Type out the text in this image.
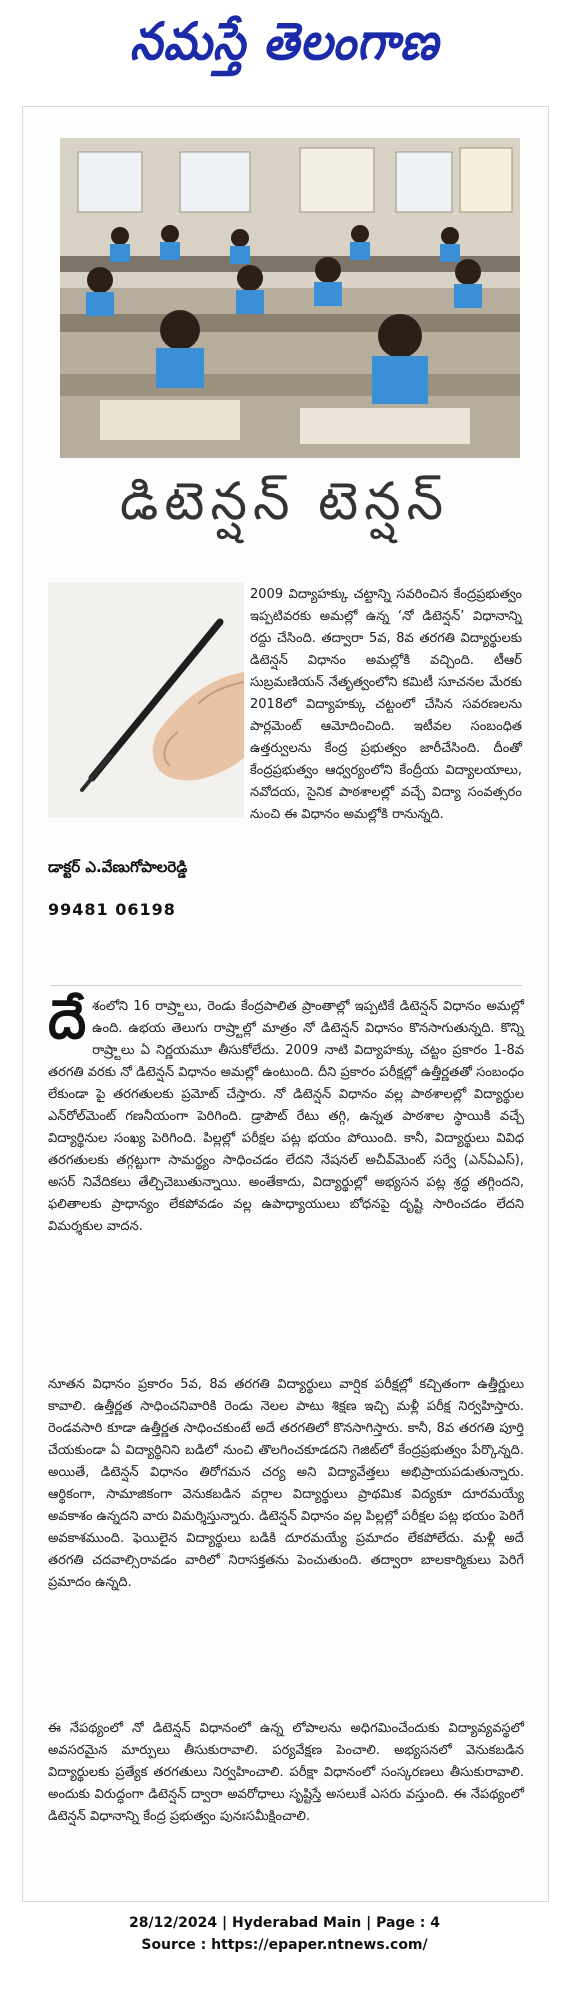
నమస్తే తెలంగాణ
డిటెన్షన్ టెన్షన్
డాక్టర్ ఎ.వేణుగోపాలరెడ్డి
99481 06198

2009 విద్యాహక్కు చట్టాన్ని సవరించిన కేంద్రప్రభుత్వం ఇప్పటివరకు అమల్లో ఉన్న ‘నో డిటెన్షన్’ విధానాన్ని రద్దు చేసింది. తద్వారా 5వ, 8వ తరగతి విద్యార్థులకు డిటెన్షన్ విధానం అమల్లోకి వచ్చింది. టీఆర్ సుబ్రమణియన్ నేతృత్వంలోని కమిటీ సూచనల మేరకు 2018లో విద్యాహక్కు చట్టంలో చేసిన సవరణలను పార్లమెంట్ ఆమోదించింది. ఇటీవల సంబంధిత ఉత్తర్వులను కేంద్ర ప్రభుత్వం జారీచేసింది. దీంతో కేంద్రప్రభుత్వం ఆధ్వర్యంలోని కేంద్రీయ విద్యాలయాలు, నవోదయ, సైనిక పాఠశాలల్లో వచ్చే విద్యా సంవత్సరం నుంచి ఈ విధానం అమల్లోకి రానున్నది.

దేశంలోని 16 రాష్ర్టాలు, రెండు కేంద్రపాలిత ప్రాంతాల్లో ఇప్పటికే డిటెన్షన్ విధానం అమల్లో ఉంది. ఉభయ తెలుగు రాష్ర్టాల్లో మాత్రం నో డిటెన్షన్ విధానం కొనసాగుతున్నది. కొన్ని రాష్ర్టాలు ఏ నిర్ణయమూ తీసుకోలేదు. 2009 నాటి విద్యాహక్కు చట్టం ప్రకారం 1-8వ తరగతి వరకు నో డిటెన్షన్ విధానం అమల్లో ఉంటుంది. దీని ప్రకారం పరీక్షల్లో ఉత్తీర్ణతతో సంబంధం లేకుండా పై తరగతులకు ప్రమోట్ చేస్తారు. నో డిటెన్షన్ విధానం వల్ల పాఠశాలల్లో విద్యార్థుల ఎన్‌రోల్‌మెంట్ గణనీయంగా పెరిగింది. డ్రాపౌట్ రేటు తగ్గి, ఉన్నత పాఠశాల స్థాయికి వచ్చే విద్యార్థినుల సంఖ్య పెరిగింది. పిల్లల్లో పరీక్షల పట్ల భయం పోయింది. కానీ, విద్యార్థులు వివిధ తరగతులకు తగ్గట్టుగా సామర్థ్యం సాధించడం లేదని నేషనల్ అచీవ్‌మెంట్ సర్వే (ఎన్ఏఎస్), అసర్ నివేదికలు తేల్చిచెబుతున్నాయి. అంతేకాదు, విద్యార్థుల్లో అభ్యసన పట్ల శ్రద్ధ తగ్గిందని, ఫలితాలకు ప్రాధాన్యం లేకపోవడం వల్ల ఉపాధ్యాయులు బోధనపై దృష్టి సారించడం లేదని విమర్శకుల వాదన.

నూతన విధానం ప్రకారం 5వ, 8వ తరగతి విద్యార్థులు వార్షిక పరీక్షల్లో కచ్చితంగా ఉత్తీర్ణులు కావాలి. ఉత్తీర్ణత సాధించనివారికి రెండు నెలల పాటు శిక్షణ ఇచ్చి మళ్లీ పరీక్ష నిర్వహిస్తారు. రెండవసారి కూడా ఉత్తీర్ణత సాధించకుంటే అదే తరగతిలో కొనసాగిస్తారు. కానీ, 8వ తరగతి పూర్తి చేయకుండా ఏ విద్యార్థినిని బడిలో నుంచి తొలగించకూడదని గెజిట్‌లో కేంద్రప్రభుత్వం పేర్కొన్నది. అయితే, డిటెన్షన్ విధానం తిరోగమన చర్య అని విద్యావేత్తలు అభిప్రాయపడుతున్నారు. ఆర్థికంగా, సామాజికంగా వెనుకబడిన వర్గాల విద్యార్థులు ప్రాథమిక విద్యకూ దూరమయ్యే అవకాశం ఉన్నదని వారు విమర్శిస్తున్నారు. డిటెన్షన్ విధానం వల్ల పిల్లల్లో పరీక్షల పట్ల భయం పెరిగే అవకాశముంది. ఫెయిలైన విద్యార్థులు బడికి దూరమయ్యే ప్రమాదం లేకపోలేదు. మళ్లీ అదే తరగతి చదవాల్సిరావడం వారిలో నిరాసక్తతను పెంచుతుంది. తద్వారా బాలకార్మికులు పెరిగే ప్రమాదం ఉన్నది.

ఈ నేపథ్యంలో నో డిటెన్షన్ విధానంలో ఉన్న లోపాలను అధిగమించేందుకు విద్యావ్యవస్థలో అవసరమైన మార్పులు తీసుకురావాలి. పర్యవేక్షణ పెంచాలి. అభ్యసనలో వెనుకబడిన విద్యార్థులకు ప్రత్యేక తరగతులు నిర్వహించాలి. పరీక్షా విధానంలో సంస్కరణలు తీసుకురావాలి. అందుకు విరుద్ధంగా డిటెన్షన్ ద్వారా అవరోధాలు సృష్టిస్తే అసలుకే ఎసరు వస్తుంది. ఈ నేపథ్యంలో డిటెన్షన్ విధానాన్ని కేంద్ర ప్రభుత్వం పునఃసమీక్షించాలి.

28/12/2024 | Hyderabad Main | Page : 4
Source : https://epaper.ntnews.com/
